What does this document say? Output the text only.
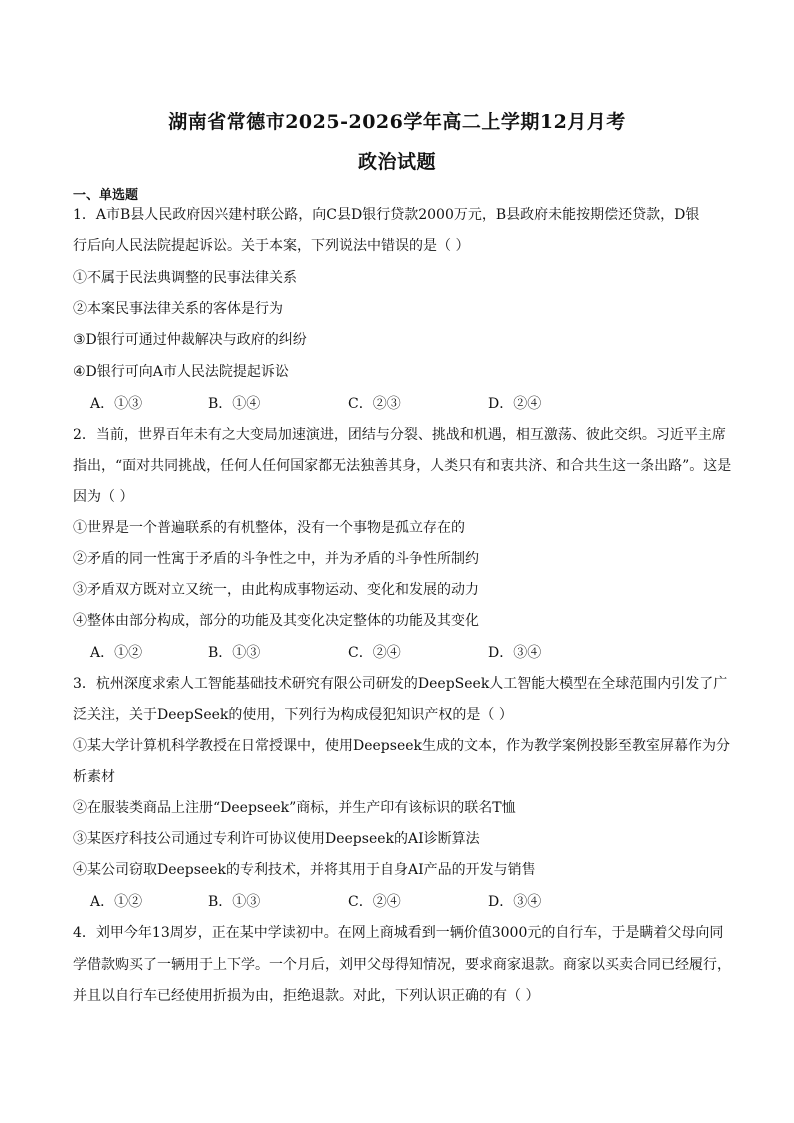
湖南省常德市2025-2026学年高二上学期12月月考
政治试题
一、单选题
1．A市B县人民政府因兴建村联公路，向C县D银行贷款2000万元，B县政府未能按期偿还贷款，D银
行后向人民法院提起诉讼。关于本案，下列说法中错误的是（ ）
①不属于民法典调整的民事法律关系
②本案民事法律关系的客体是行为
③D银行可通过仲裁解决与政府的纠纷
④D银行可向A市人民法院提起诉讼
A．①③	B．①④	C．②③	D．②④
2．当前，世界百年未有之大变局加速演进，团结与分裂、挑战和机遇，相互激荡、彼此交织。习近平主席
指出，“面对共同挑战，任何人任何国家都无法独善其身，人类只有和衷共济、和合共生这一条出路”。这是
因为（ ）
①世界是一个普遍联系的有机整体，没有一个事物是孤立存在的
②矛盾的同一性寓于矛盾的斗争性之中，并为矛盾的斗争性所制约
③矛盾双方既对立又统一，由此构成事物运动、变化和发展的动力
④整体由部分构成，部分的功能及其变化决定整体的功能及其变化
A．①②	B．①③	C．②④	D．③④
3．杭州深度求索人工智能基础技术研究有限公司研发的DeepSeek人工智能大模型在全球范围内引发了广
泛关注，关于DeepSeek的使用，下列行为构成侵犯知识产权的是（ ）
①某大学计算机科学教授在日常授课中，使用Deepseek生成的文本，作为教学案例投影至教室屏幕作为分
析素材
②在服装类商品上注册“Deepseek”商标，并生产印有该标识的联名T恤
③某医疗科技公司通过专利许可协议使用Deepseek的AI诊断算法
④某公司窃取Deepseek的专利技术，并将其用于自身AI产品的开发与销售
A．①②	B．①③	C．②④	D．③④
4．刘甲今年13周岁，正在某中学读初中。在网上商城看到一辆价值3000元的自行车，于是瞒着父母向同
学借款购买了一辆用于上下学。一个月后，刘甲父母得知情况，要求商家退款。商家以买卖合同已经履行，
并且以自行车已经使用折损为由，拒绝退款。对此，下列认识正确的有（ ）
